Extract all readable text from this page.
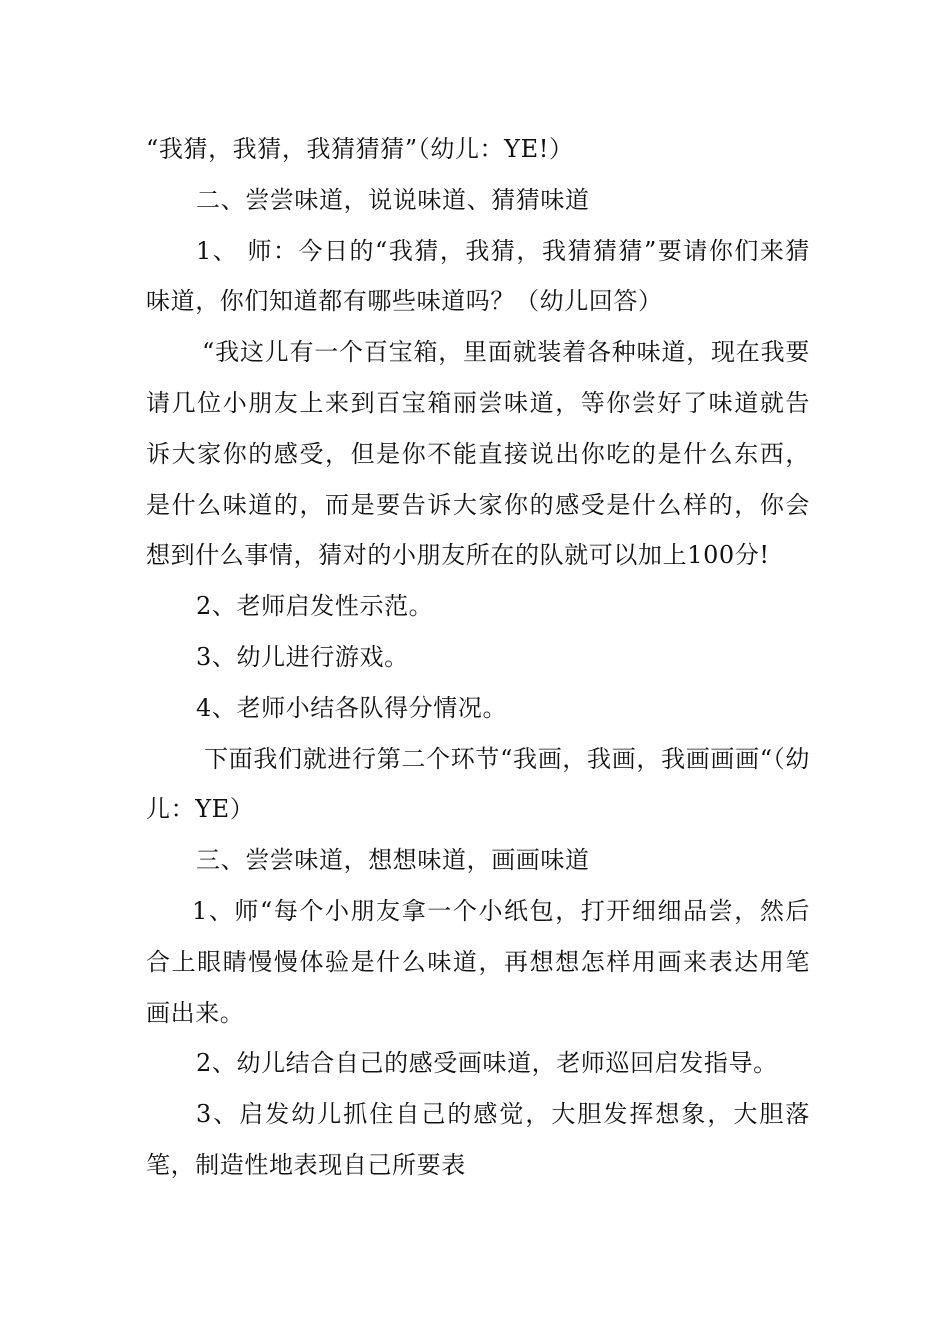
“我猜，我猜，我猜猜猜”（幼儿：YE!）

二、尝尝味道，说说味道、猜猜味道

1、 师：今日的“我猜，我猜，我猜猜猜”要请你们来猜味道，你们知道都有哪些味道吗？（幼儿回答）

“我这儿有一个百宝箱，里面就装着各种味道，现在我要请几位小朋友上来到百宝箱丽尝味道，等你尝好了味道就告诉大家你的感受，但是你不能直接说出你吃的是什么东西，是什么味道的，而是要告诉大家你的感受是什么样的，你会想到什么事情，猜对的小朋友所在的队就可以加上100分!

2、老师启发性示范。

3、幼儿进行游戏。

4、老师小结各队得分情况。

下面我们就进行第二个环节“我画，我画，我画画画“（幼儿：YE）

三、尝尝味道，想想味道，画画味道

1、师“每个小朋友拿一个小纸包，打开细细品尝，然后合上眼睛慢慢体验是什么味道，再想想怎样用画来表达用笔画出来。

2、幼儿结合自己的感受画味道，老师巡回启发指导。

3、启发幼儿抓住自己的感觉，大胆发挥想象，大胆落笔，制造性地表现自己所要表
